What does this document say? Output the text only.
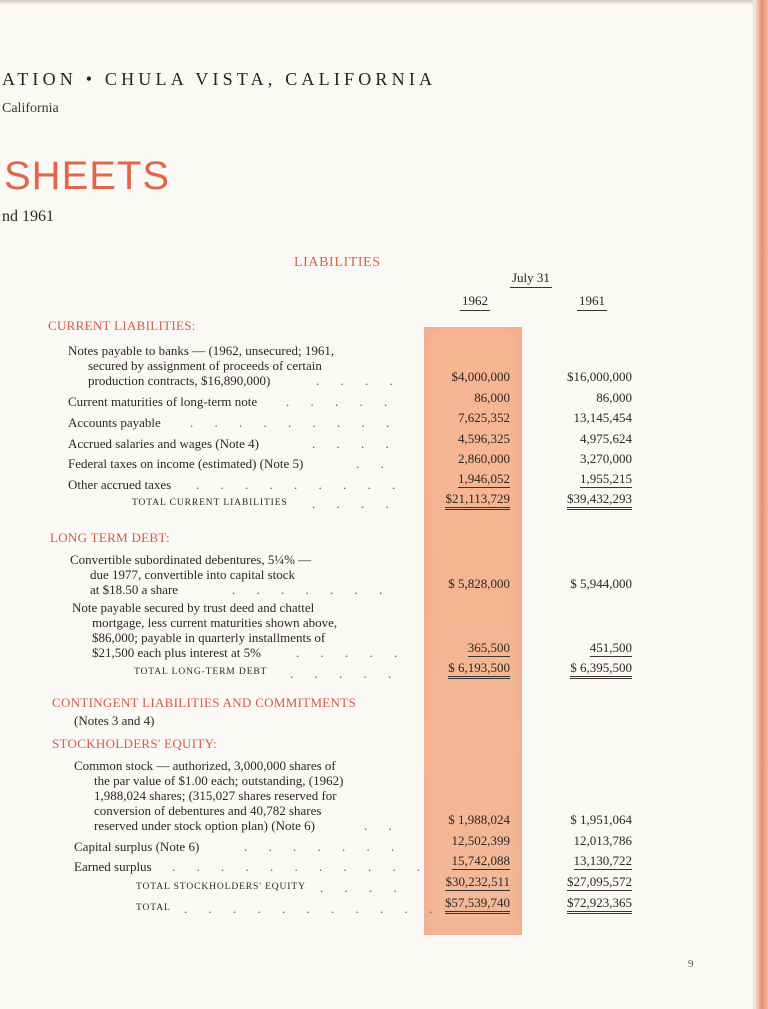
ATION • CHULA VISTA, CALIFORNIA
California
SHEETS
nd 1961
LIABILITIES
July 31
1962	1961
CURRENT LIABILITIES:
Notes payable to banks — (1962, unsecured; 1961,
secured by assignment of proceeds of certain
production contracts, $16,890,000)	. . . .	$4,000,000	$16,000,000
Current maturities of long-term note . . . . .	86,000	86,000
Accounts payable . . . . . . . . .	7,625,352	13,145,454
Accrued salaries and wages (Note 4)	. . . .	4,596,325	4,975,624
Federal taxes on income (estimated) (Note 5)	. .	2,860,000	3,270,000
Other accrued taxes . . . . . . . . .	1,946,052	1,955,215
TOTAL CURRENT LIABILITIES . . . .	$21,113,729	$39,432,293
LONG TERM DEBT:
Convertible subordinated debentures, 5¼% —
due 1977, convertible into capital stock
at $18.50 a share	. . . . . . .	$ 5,828,000	$ 5,944,000
Note payable secured by trust deed and chattel
mortgage, less current maturities shown above,
$86,000; payable in quarterly installments of
$21,500 each plus interest at 5%	. . . . .	365,500	451,500
TOTAL LONG-TERM DEBT . . . . .	$ 6,193,500	$ 6,395,500
CONTINGENT LIABILITIES AND COMMITMENTS
(Notes 3 and 4)
STOCKHOLDERS' EQUITY:
Common stock — authorized, 3,000,000 shares of
the par value of $1.00 each; outstanding, (1962)
1,988,024 shares; (315,027 shares reserved for
conversion of debentures and 40,782 shares
reserved under stock option plan) (Note 6)	. .	$ 1,988,024	$ 1,951,064
Capital surplus (Note 6)	. . . . . . .	12,502,399	12,013,786
Earned surplus . . . . . . . . . . . 15,742,088	13,130,722
TOTAL STOCKHOLDERS' EQUITY . . . .	$30,232,511	$27,095,572
TOTAL . . . . . . . . . . . $57,539,740	$72,923,365
9
